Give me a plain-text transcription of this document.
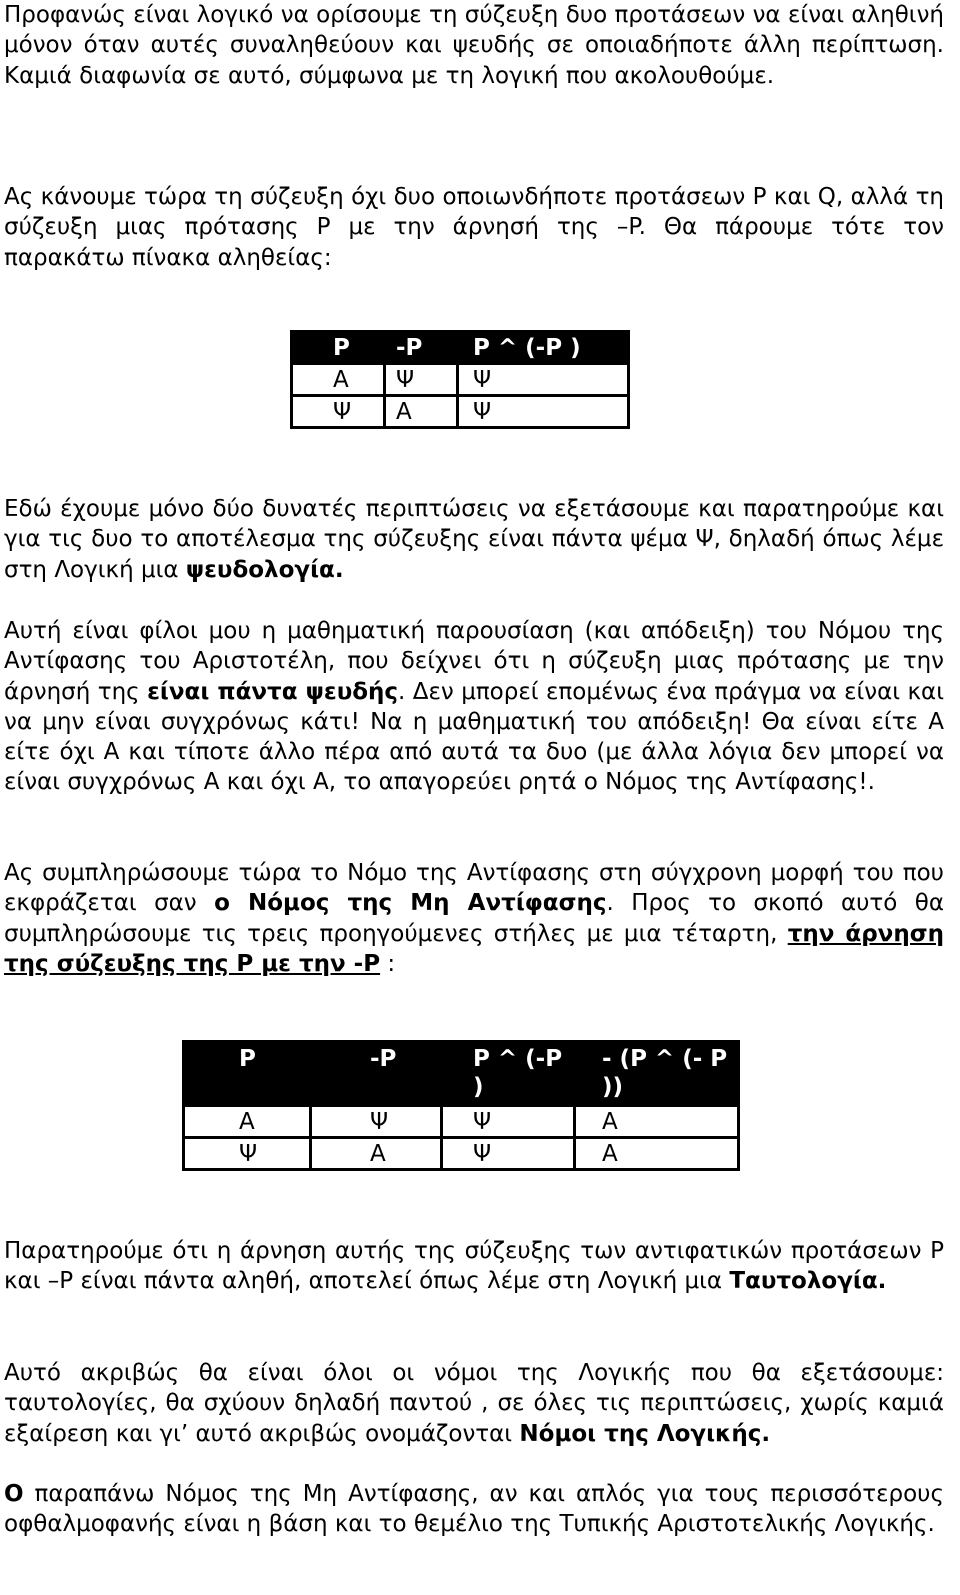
Προφανώς είναι λογικό να ορίσουμε τη σύζευξη δυο προτάσεων να είναι αληθινή μόνον όταν αυτές συναληθεύουν και ψευδής σε οποιαδήποτε άλλη περίπτωση. Καμιά διαφωνία σε αυτό, σύμφωνα με τη λογική που ακολουθούμε.

Ας κάνουμε τώρα τη σύζευξη όχι δυο οποιωνδήποτε προτάσεων P και Q, αλλά τη σύζευξη μιας πρότασης P με την άρνησή της –P. Θα πάρουμε τότε τον παρακάτω πίνακα αληθείας:

P	-P	P ^ (-P )
Α	Ψ	Ψ
Ψ	Α	Ψ

Εδώ έχουμε μόνο δύο δυνατές περιπτώσεις να εξετάσουμε και παρατηρούμε και για τις δυο το αποτέλεσμα της σύζευξης είναι πάντα ψέμα Ψ, δηλαδή όπως λέμε στη Λογική μια ψευδολογία.

Αυτή είναι φίλοι μου η μαθηματική παρουσίαση (και απόδειξη) του Νόμου της Αντίφασης του Αριστοτέλη, που δείχνει ότι η σύζευξη μιας πρότασης με την άρνησή της είναι πάντα ψευδής. Δεν μπορεί επομένως ένα πράγμα να είναι και να μην είναι συγχρόνως κάτι! Να η μαθηματική του απόδειξη! Θα είναι είτε Α είτε όχι Α και τίποτε άλλο πέρα από αυτά τα δυο (με άλλα λόγια δεν μπορεί να είναι συγχρόνως Α και όχι Α, το απαγορεύει ρητά ο Νόμος της Αντίφασης!.

Ας συμπληρώσουμε τώρα το Νόμο της Αντίφασης στη σύγχρονη μορφή του που εκφράζεται σαν ο Νόμος της Μη Αντίφασης. Προς το σκοπό αυτό θα συμπληρώσουμε τις τρεις προηγούμενες στήλες με μια τέταρτη, την άρνηση της σύζευξης της P με την -P :

P	-P	P ^ (-P )	- (P ^ (- P ))
Α	Ψ	Ψ	Α
Ψ	Α	Ψ	Α

Παρατηρούμε ότι η άρνηση αυτής της σύζευξης των αντιφατικών προτάσεων P και –P είναι πάντα αληθή, αποτελεί όπως λέμε στη Λογική μια Ταυτολογία.

Αυτό ακριβώς θα είναι όλοι οι νόμοι της Λογικής που θα εξετάσουμε: ταυτολογίες, θα σχύουν δηλαδή παντού , σε όλες τις περιπτώσεις, χωρίς καμιά εξαίρεση και γι’ αυτό ακριβώς ονομάζονται Νόμοι της Λογικής.

Ο παραπάνω Νόμος της Μη Αντίφασης, αν και απλός για τους περισσότερους οφθαλμοφανής είναι η βάση και το θεμέλιο της Τυπικής Αριστοτελικής Λογικής.
